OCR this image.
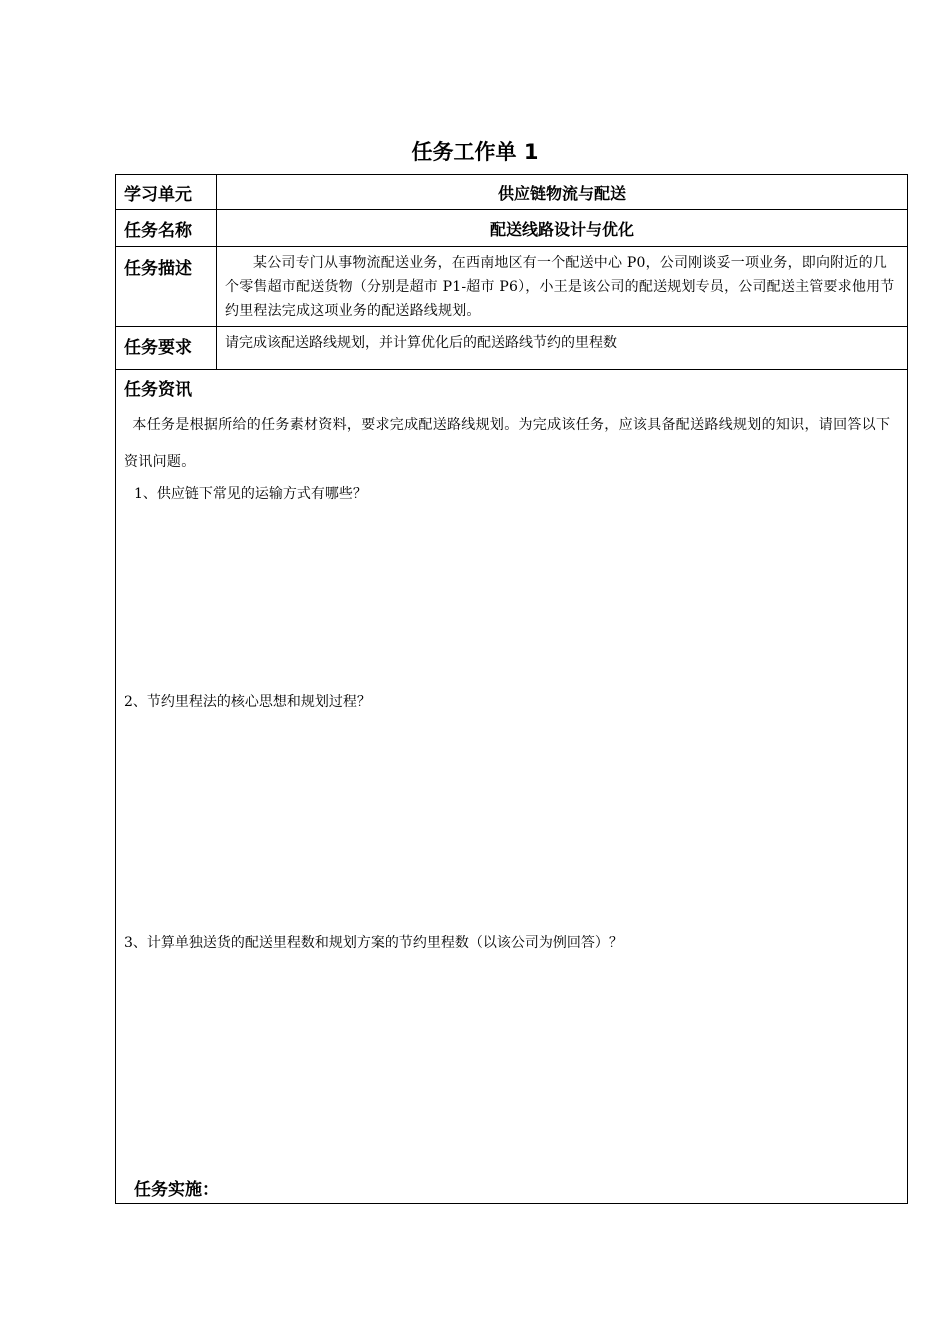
任务工作单 1
学习单元	供应链物流与配送
任务名称	配送线路设计与优化
任务描述	某公司专门从事物流配送业务，在西南地区有一个配送中心 P0，公司刚谈妥一项业务，即向附近的几个零售超市配送货物（分别是超市 P1-超市 P6），小王是该公司的配送规划专员，公司配送主管要求他用节约里程法完成这项业务的配送路线规划。
任务要求 请完成该配送路线规划，并计算优化后的配送路线节约的里程数
任务资讯
本任务是根据所给的任务素材资料，要求完成配送路线规划。为完成该任务，应该具备配送路线规划的知识，请回答以下资讯问题。
1、供应链下常见的运输方式有哪些？
2、节约里程法的核心思想和规划过程？
3、计算单独送货的配送里程数和规划方案的节约里程数（以该公司为例回答）？
任务实施：
